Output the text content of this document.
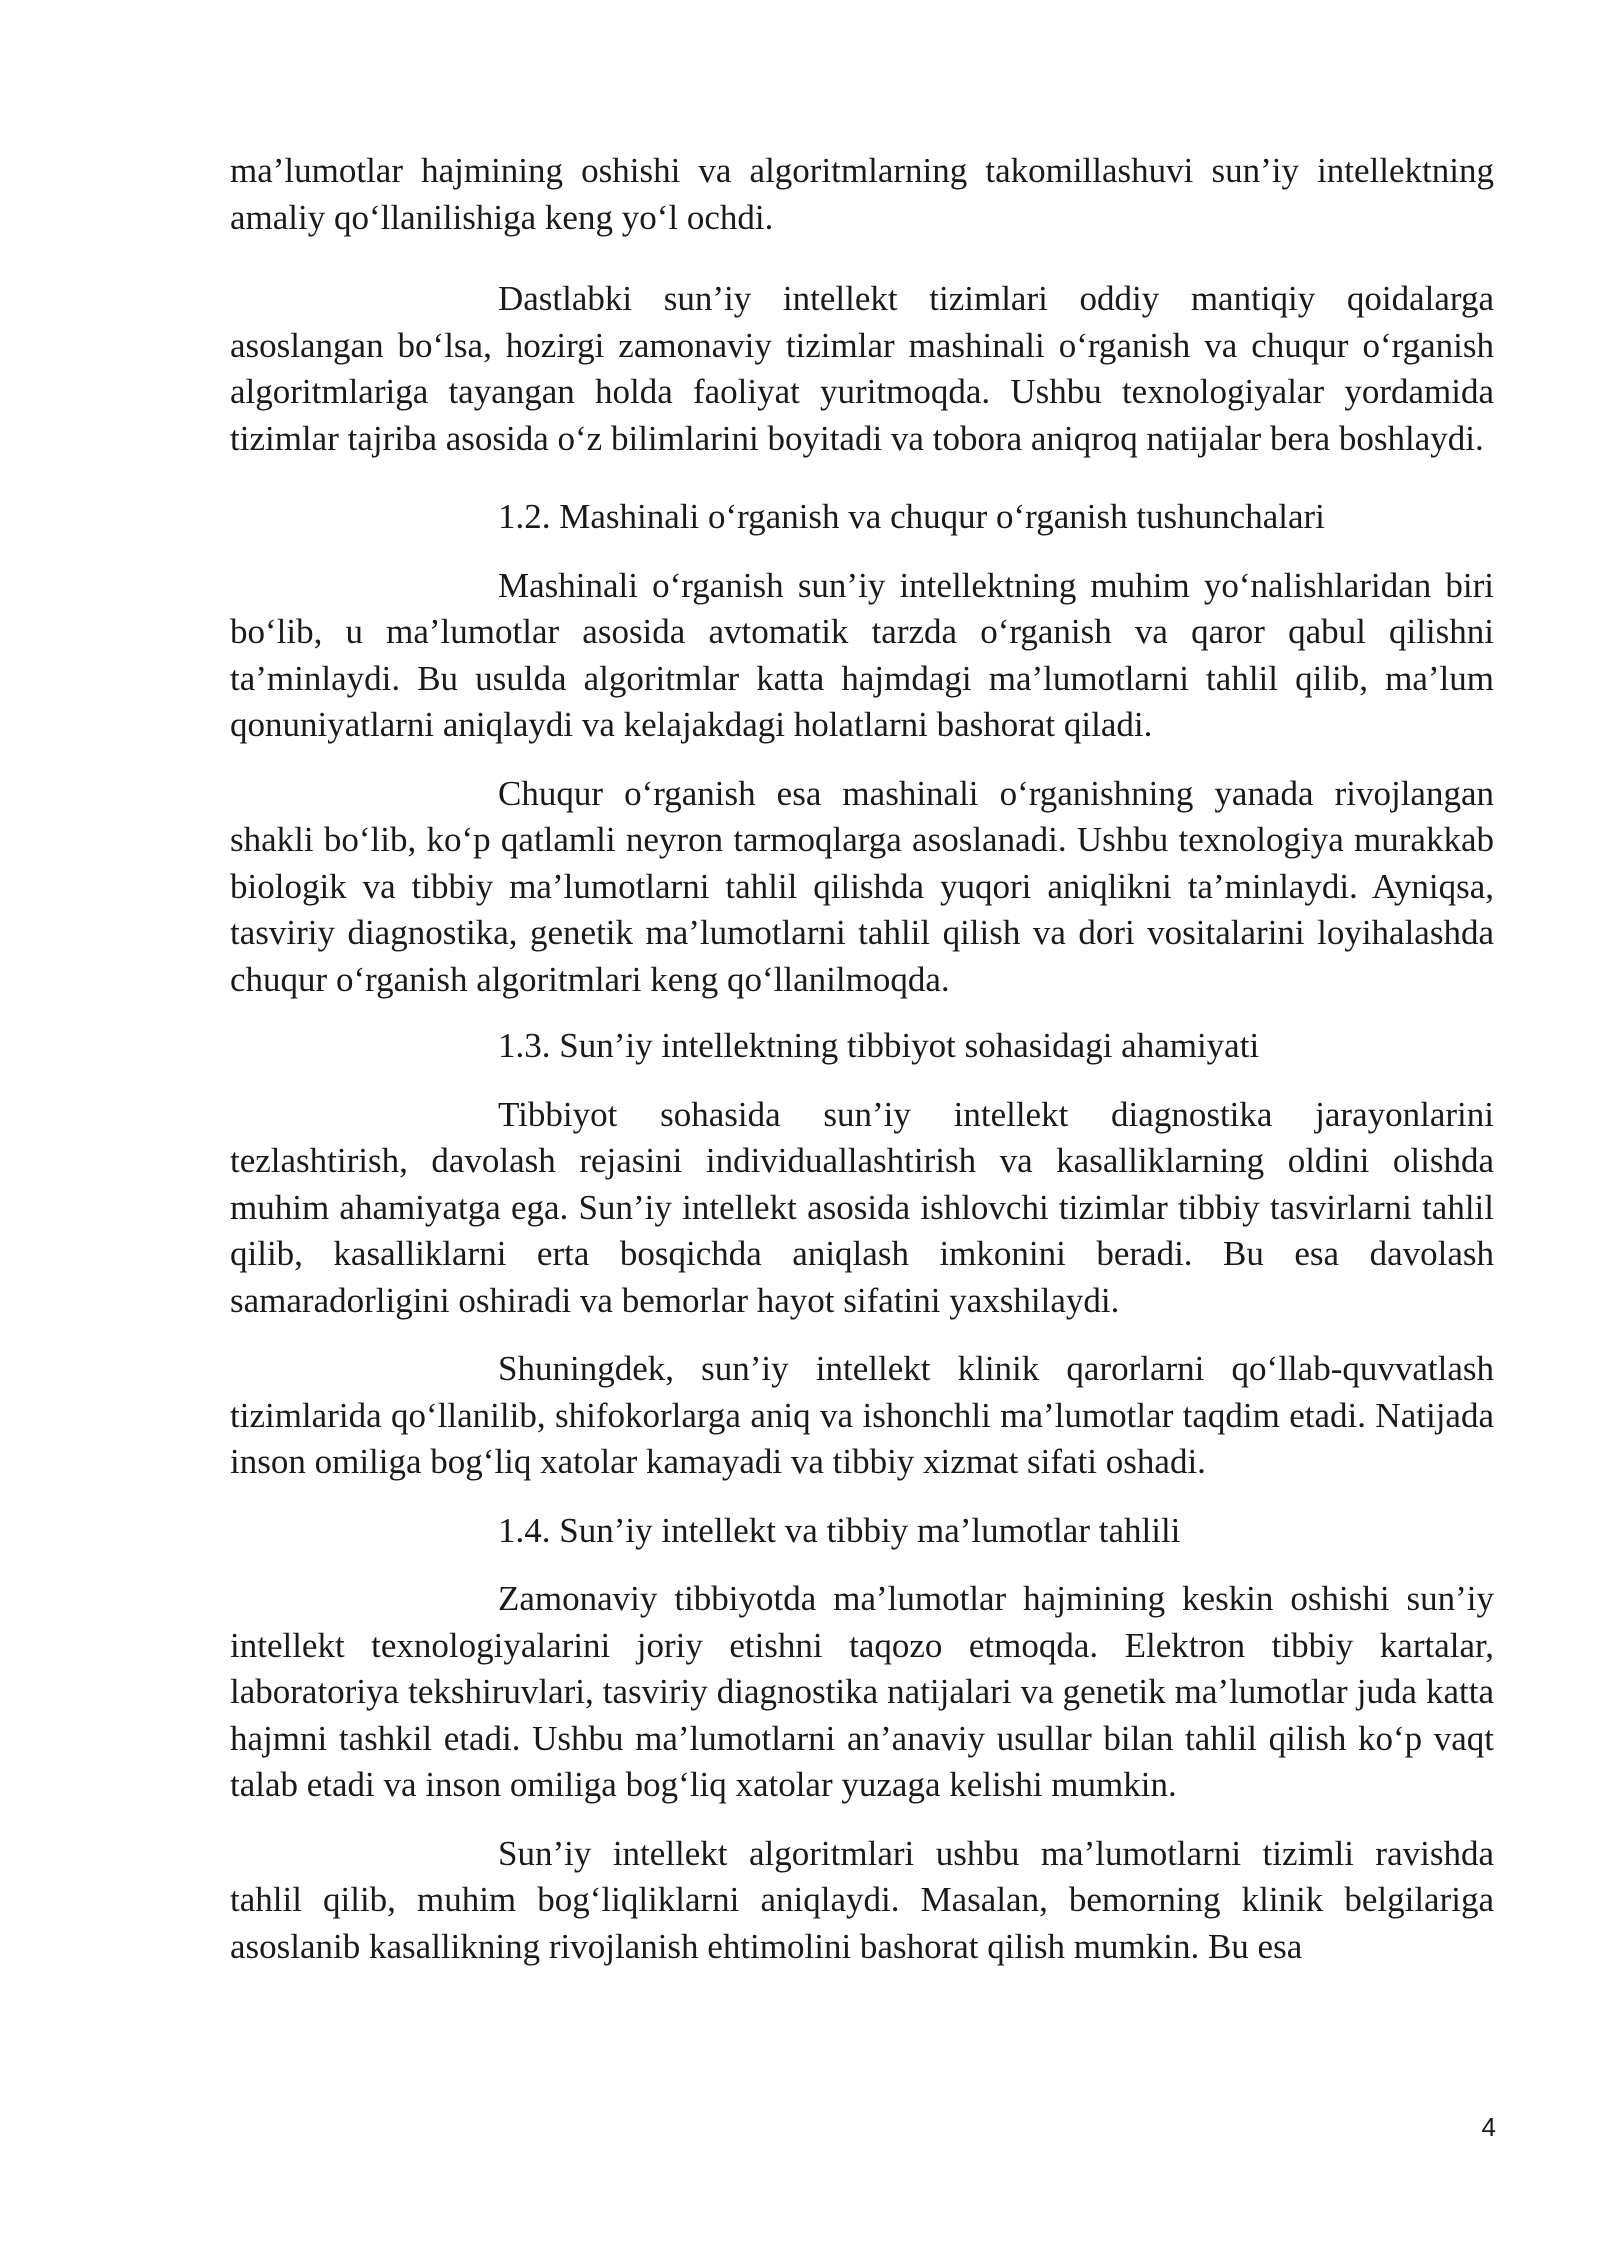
ma’lumotlar hajmining oshishi va algoritmlarning takomillashuvi sun’iy intellektning amaliy qo‘llanilishiga keng yo‘l ochdi.

Dastlabki sun’iy intellekt tizimlari oddiy mantiqiy qoidalarga asoslangan bo‘lsa, hozirgi zamonaviy tizimlar mashinali o‘rganish va chuqur o‘rganish algoritmlariga tayangan holda faoliyat yuritmoqda. Ushbu texnologiyalar yordamida tizimlar tajriba asosida o‘z bilimlarini boyitadi va tobora aniqroq natijalar bera boshlaydi.

1.2. Mashinali o‘rganish va chuqur o‘rganish tushunchalari

Mashinali o‘rganish sun’iy intellektning muhim yo‘nalishlaridan biri bo‘lib, u ma’lumotlar asosida avtomatik tarzda o‘rganish va qaror qabul qilishni ta’minlaydi. Bu usulda algoritmlar katta hajmdagi ma’lumotlarni tahlil qilib, ma’lum qonuniyatlarni aniqlaydi va kelajakdagi holatlarni bashorat qiladi.

Chuqur o‘rganish esa mashinali o‘rganishning yanada rivojlangan shakli bo‘lib, ko‘p qatlamli neyron tarmoqlarga asoslanadi. Ushbu texnologiya murakkab biologik va tibbiy ma’lumotlarni tahlil qilishda yuqori aniqlikni ta’minlaydi. Ayniqsa, tasviriy diagnostika, genetik ma’lumotlarni tahlil qilish va dori vositalarini loyihalashda chuqur o‘rganish algoritmlari keng qo‘llanilmoqda.

1.3. Sun’iy intellektning tibbiyot sohasidagi ahamiyati

Tibbiyot sohasida sun’iy intellekt diagnostika jarayonlarini tezlashtirish, davolash rejasini individuallashtirish va kasalliklarning oldini olishda muhim ahamiyatga ega. Sun’iy intellekt asosida ishlovchi tizimlar tibbiy tasvirlarni tahlil qilib, kasalliklarni erta bosqichda aniqlash imkonini beradi. Bu esa davolash samaradorligini oshiradi va bemorlar hayot sifatini yaxshilaydi.

Shuningdek, sun’iy intellekt klinik qarorlarni qo‘llab-quvvatlash tizimlarida qo‘llanilib, shifokorlarga aniq va ishonchli ma’lumotlar taqdim etadi. Natijada inson omiliga bog‘liq xatolar kamayadi va tibbiy xizmat sifati oshadi.

1.4. Sun’iy intellekt va tibbiy ma’lumotlar tahlili

Zamonaviy tibbiyotda ma’lumotlar hajmining keskin oshishi sun’iy intellekt texnologiyalarini joriy etishni taqozo etmoqda. Elektron tibbiy kartalar, laboratoriya tekshiruvlari, tasviriy diagnostika natijalari va genetik ma’lumotlar juda katta hajmni tashkil etadi. Ushbu ma’lumotlarni an’anaviy usullar bilan tahlil qilish ko‘p vaqt talab etadi va inson omiliga bog‘liq xatolar yuzaga kelishi mumkin.

Sun’iy intellekt algoritmlari ushbu ma’lumotlarni tizimli ravishda tahlil qilib, muhim bog‘liqliklarni aniqlaydi. Masalan, bemorning klinik belgilariga asoslanib kasallikning rivojlanish ehtimolini bashorat qilish mumkin. Bu esa

4
